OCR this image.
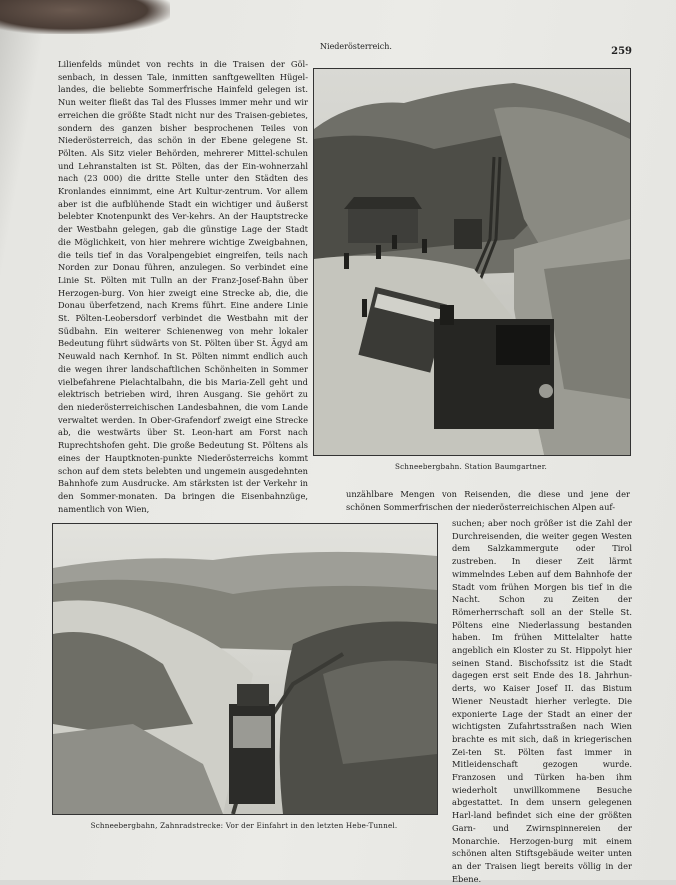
Niederösterreich.	259

Lilienfelds mündet von rechts in die Traisen der Göl-senbach, in dessen Tale, inmitten sanftgewellten Hügel-landes, die beliebte Sommerfrische Hainfeld gelegen ist. Nun weiter fließt das Tal des Flusses immer mehr und wir erreichen die größte Stadt nicht nur des Traisen-gebietes, sondern des ganzen bisher besprochenen Teiles von Niederösterreich, das schön in der Ebene gelegene St. Pölten. Als Sitz vieler Behörden, mehrerer Mittel-schulen und Lehranstalten ist St. Pölten, das der Ein-wohnerzahl nach (23 000) die dritte Stelle unter den Städten des Kronlandes einnimmt, eine Art Kultur-zentrum. Vor allem aber ist die aufblühende Stadt ein wichtiger und äußerst belebter Knotenpunkt des Ver-kehrs. An der Hauptstrecke der Westbahn gelegen, gab die günstige Lage der Stadt die Möglichkeit, von hier mehrere wichtige Zweigbahnen, die teils tief in das Voralpengebiet eingreifen, teils nach Norden zur Donau führen, anzulegen. So verbindet eine Linie St. Pölten mit Tulln an der Franz-Josef-Bahn über Herzogen-burg. Von hier zweigt eine Strecke ab, die, die Donau überfetzend, nach Krems führt. Eine andere Linie St. Pölten-Leobersdorf verbindet die Westbahn mit der Südbahn. Ein weiterer Schienenweg von mehr lokaler Bedeutung führt südwärts von St. Pölten über St. Ägyd am Neuwald nach Kernhof. In St. Pölten nimmt endlich auch die wegen ihrer landschaftlichen Schönheiten in Sommer vielbefahrene Pielachtalbahn, die bis Maria-Zell geht und elektrisch betrieben wird, ihren Ausgang. Sie gehört zu den niederösterreichischen Landesbahnen, die vom Lande verwaltet werden. In Ober-Grafendorf zweigt eine Strecke ab, die westwärts über St. Leon-hart am Forst nach Ruprechtshofen geht. Die große Bedeutung St. Pöltens als eines der Hauptknoten-punkte Niederösterreichs kommt schon auf dem stets belebten und ungemein ausgedehnten Bahnhofe zum Ausdrucke. Am stärksten ist der Verkehr in den Sommer-monaten. Da bringen die Eisenbahnzüge, namentlich von Wien,

Schneebergbahn. Station Baumgartner.

unzählbare Mengen von Reisenden, die diese und jene der schönen Sommerfrischen der niederösterreichischen Alpen auf-

Schneebergbahn, Zahnradstrecke: Vor der Einfahrt in den letzten Hebe-Tunnel.

suchen; aber noch größer ist die Zahl der Durchreisenden, die weiter gegen Westen dem Salzkammergute oder Tirol zustreben. In dieser Zeit lärmt wimmelndes Leben auf dem Bahnhofe der Stadt vom frühen Morgen bis tief in die Nacht. Schon zu Zeiten der Römerherrschaft soll an der Stelle St. Pöltens eine Niederlassung bestanden haben. Im frühen Mittelalter hatte angeblich ein Kloster zu St. Hippolyt hier seinen Stand. Bischofssitz ist die Stadt dagegen erst seit Ende des 18. Jahrhun-derts, wo Kaiser Josef II. das Bistum Wiener Neustadt hierher verlegte. Die exponierte Lage der Stadt an einer der wichtigsten Zufahrtsstraßen nach Wien brachte es mit sich, daß in kriegerischen Zei-ten St. Pölten fast immer in Mitleidenschaft gezogen wurde. Franzosen und Türken ha-ben ihm wiederholt unwillkommene Besuche abgestattet. In dem unsern gelegenen Harl-land befindet sich eine der größten Garn- und Zwirnspinnereien der Monarchie. Herzogen-burg mit einem schönen alten Stiftsgebäude weiter unten an der Traisen liegt bereits völlig in der Ebene.
